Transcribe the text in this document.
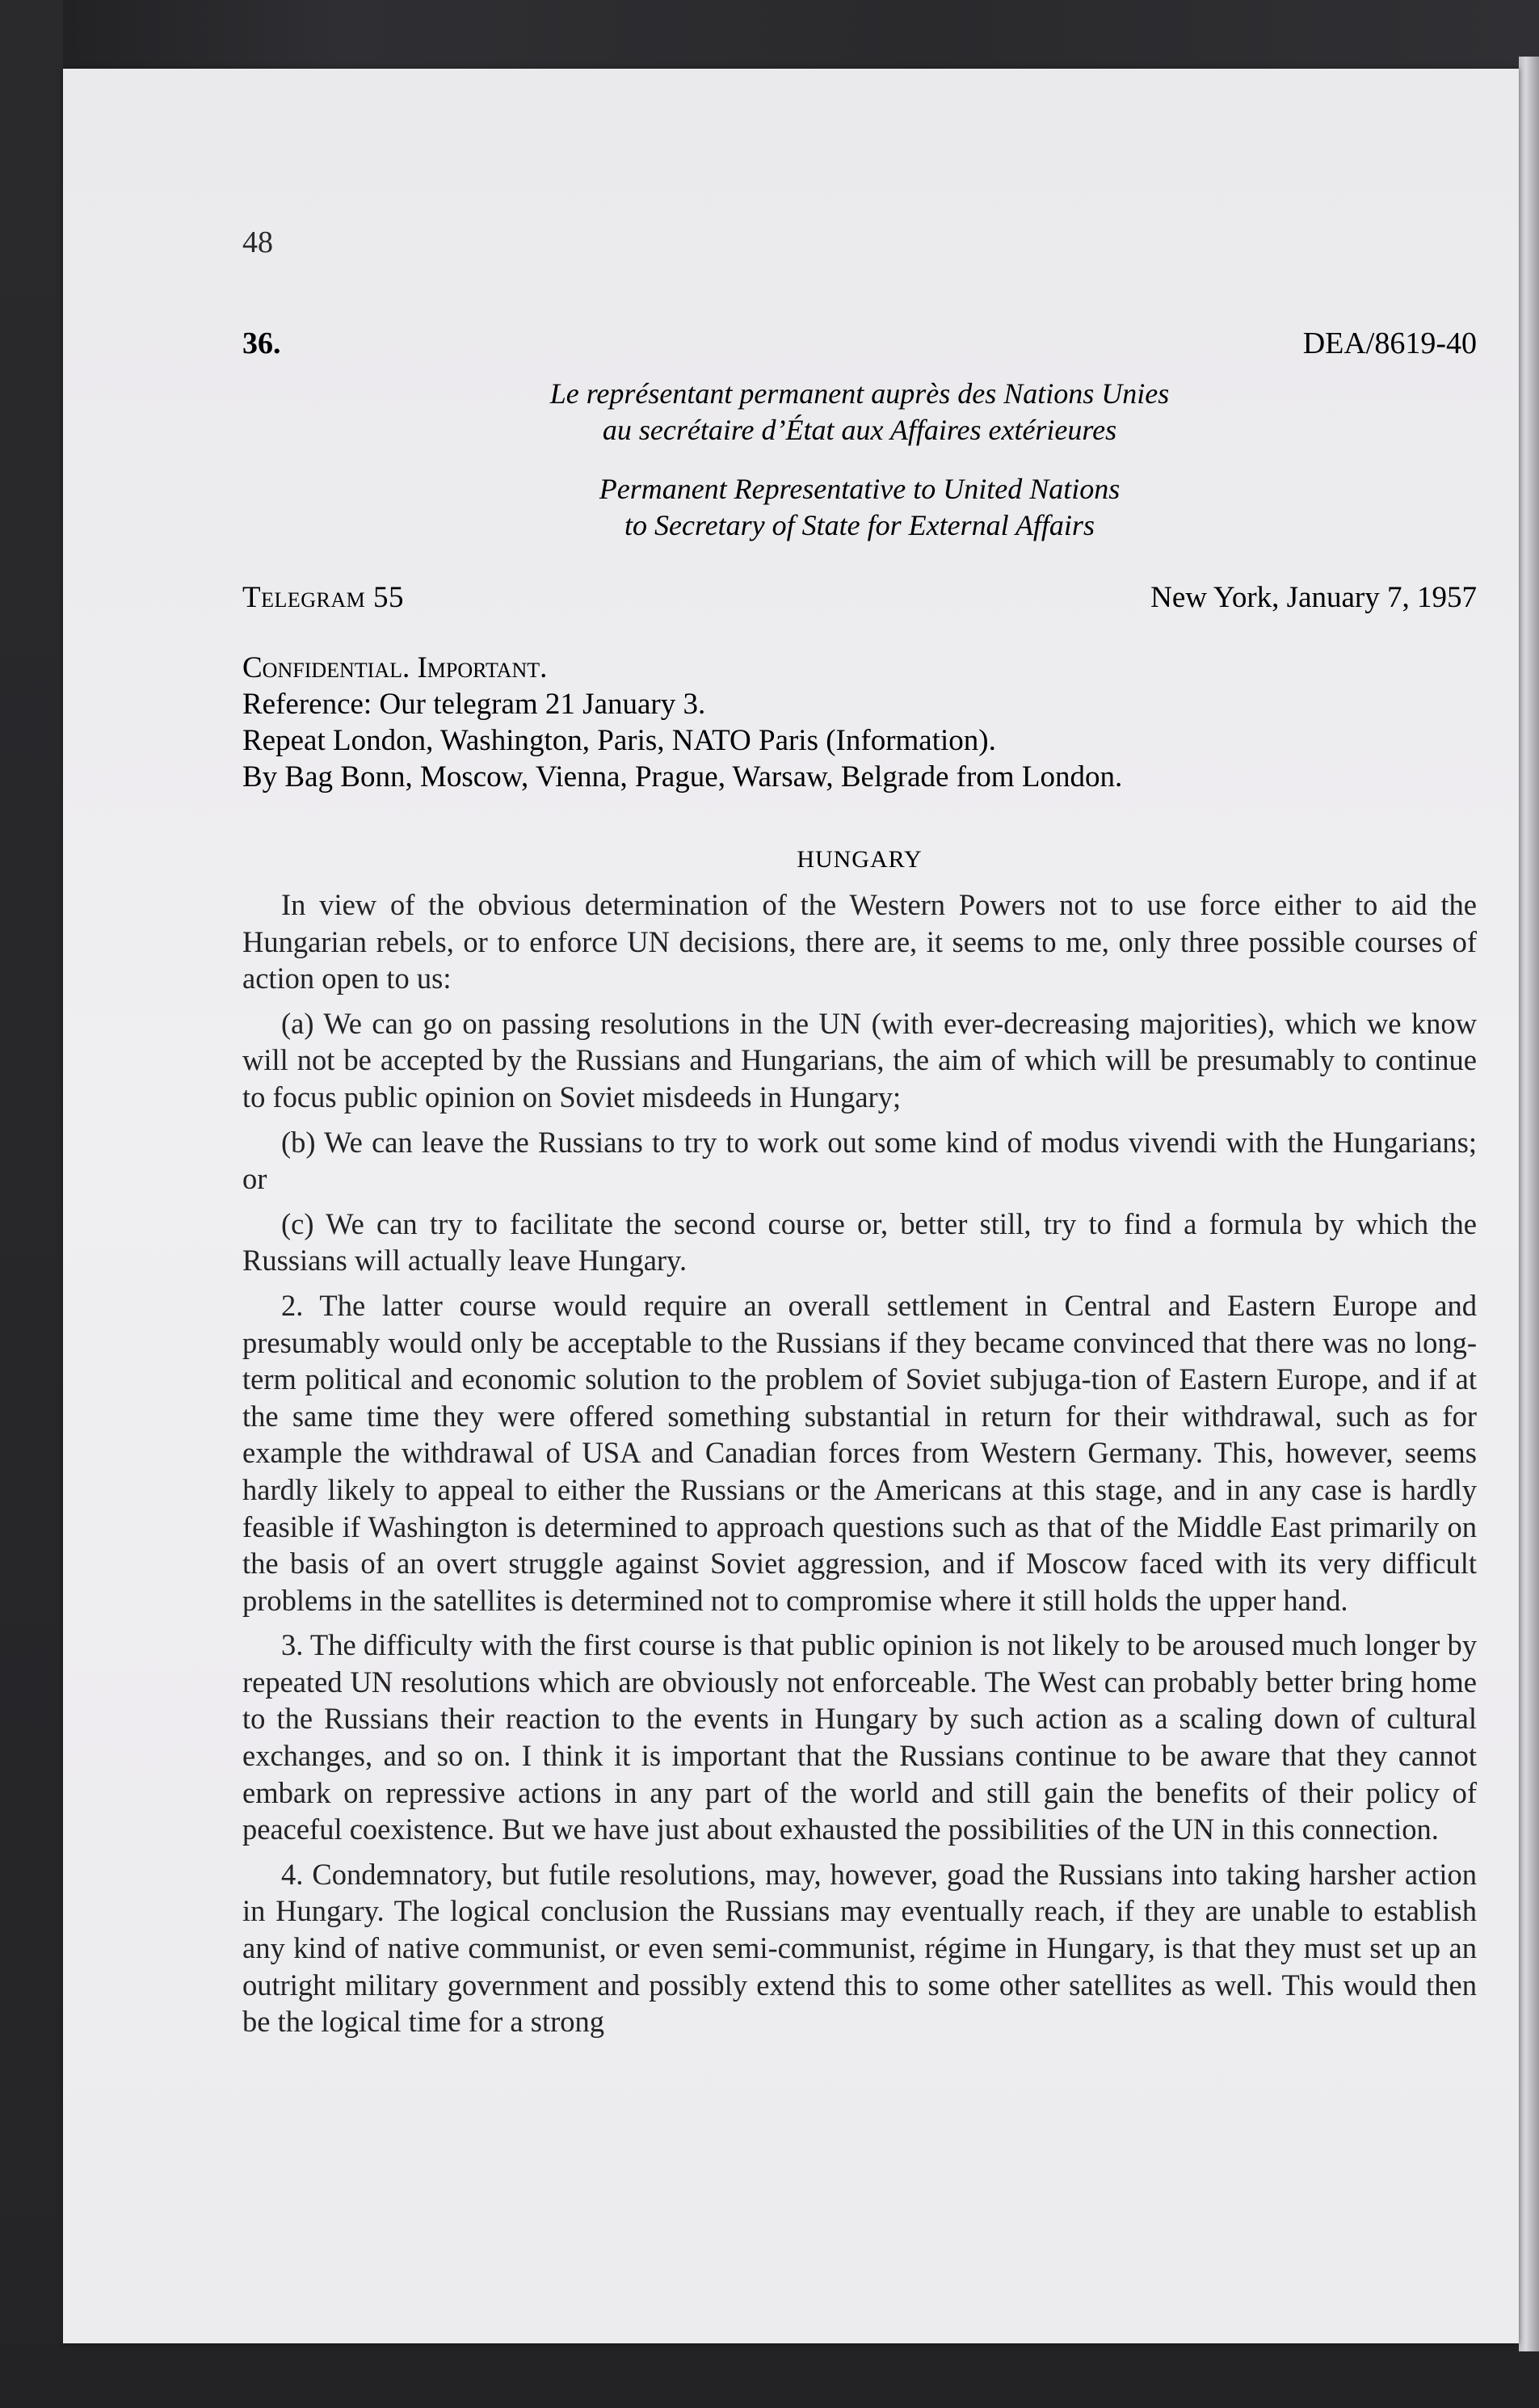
48
36.	DEA/8619-40
Le représentant permanent auprès des Nations Unies
au secrétaire d’État aux Affaires extérieures
Permanent Representative to United Nations
to Secretary of State for External Affairs
Telegram 55	New York, January 7, 1957
Confidential. Important.
Reference: Our telegram 21 January 3.
Repeat London, Washington, Paris, NATO Paris (Information).
By Bag Bonn, Moscow, Vienna, Prague, Warsaw, Belgrade from London.
HUNGARY

In view of the obvious determination of the Western Powers not to use force either to aid the Hungarian rebels, or to enforce UN decisions, there are, it seems to me, only three possible courses of action open to us:

(a) We can go on passing resolutions in the UN (with ever-decreasing majorities), which we know will not be accepted by the Russians and Hungarians, the aim of which will be presumably to continue to focus public opinion on Soviet misdeeds in Hungary;

(b) We can leave the Russians to try to work out some kind of modus vivendi with the Hungarians; or

(c) We can try to facilitate the second course or, better still, try to find a formula by which the Russians will actually leave Hungary.

2. The latter course would require an overall settlement in Central and Eastern Europe and presumably would only be acceptable to the Russians if they became convinced that there was no long-term political and economic solution to the problem of Soviet subjuga-tion of Eastern Europe, and if at the same time they were offered something substantial in return for their withdrawal, such as for example the withdrawal of USA and Canadian forces from Western Germany. This, however, seems hardly likely to appeal to either the Russians or the Americans at this stage, and in any case is hardly feasible if Washington is determined to approach questions such as that of the Middle East primarily on the basis of an overt struggle against Soviet aggression, and if Moscow faced with its very difficult problems in the satellites is determined not to compromise where it still holds the upper hand.

3. The difficulty with the first course is that public opinion is not likely to be aroused much longer by repeated UN resolutions which are obviously not enforceable. The West can probably better bring home to the Russians their reaction to the events in Hungary by such action as a scaling down of cultural exchanges, and so on. I think it is important that the Russians continue to be aware that they cannot embark on repressive actions in any part of the world and still gain the benefits of their policy of peaceful coexistence. But we have just about exhausted the possibilities of the UN in this connection.

4. Condemnatory, but futile resolutions, may, however, goad the Russians into taking harsher action in Hungary. The logical conclusion the Russians may eventually reach, if they are unable to establish any kind of native communist, or even semi-communist, régime in Hungary, is that they must set up an outright military government and possibly extend this to some other satellites as well. This would then be the logical time for a strong
